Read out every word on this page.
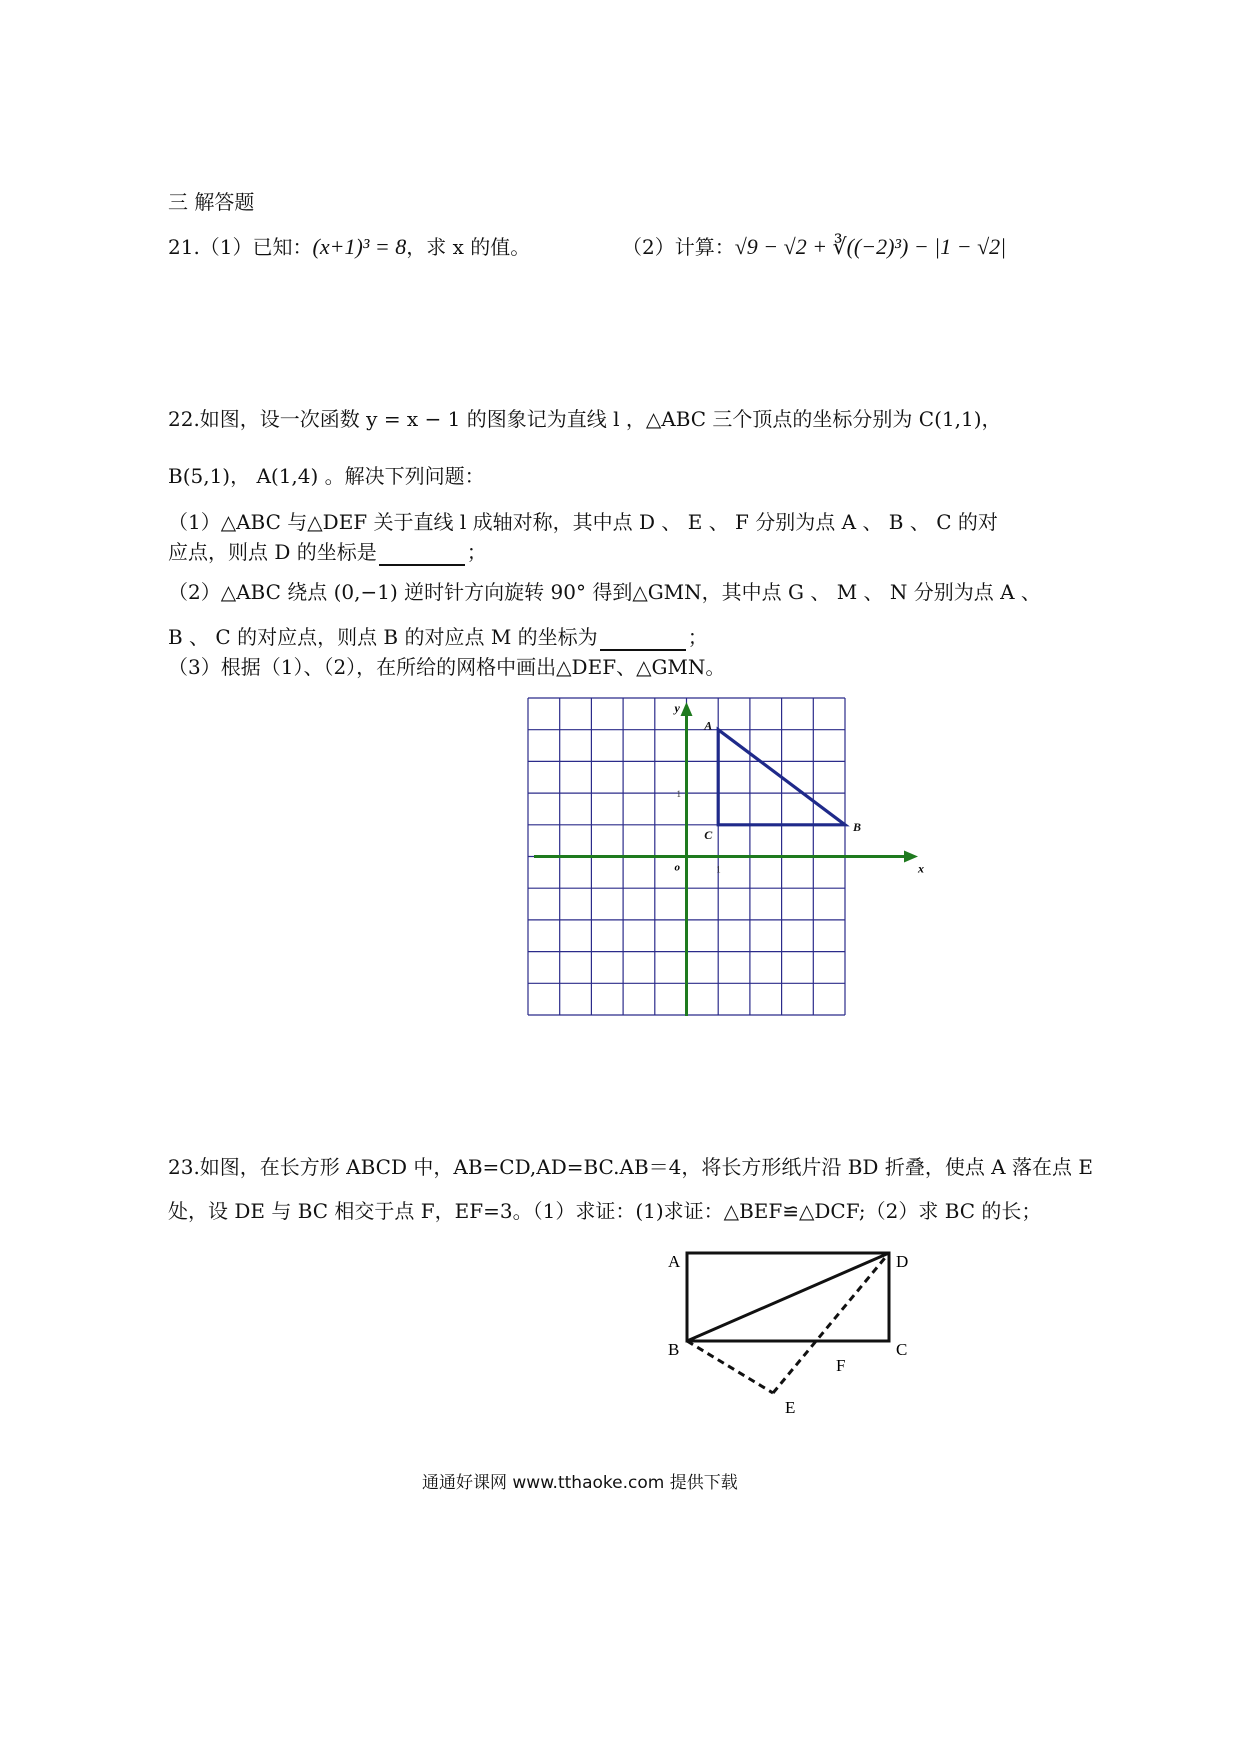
三 解答题
21.（1）已知：(x+1)³ = 8，求 x 的值。	（2）计算：√9 − √2 + ∛((−2)³) − |1 − √2|
22.如图，设一次函数 y = x − 1 的图象记为直线 l ，△ABC 三个顶点的坐标分别为 C(1,1)，
B(5,1)， A(1,4) 。解决下列问题：
（1）△ABC 与△DEF 关于直线 l 成轴对称，其中点 D 、 E 、 F 分别为点 A 、 B 、 C 的对
应点，则点 D 的坐标是	；
（2）△ABC 绕点 (0,−1) 逆时针方向旋转 90° 得到△GMN，其中点 G 、 M 、 N 分别为点 A 、
B 、 C 的对应点，则点 B 的对应点 M 的坐标为	；
（3）根据（1）、（2），在所给的网格中画出△DEF、△GMN。
A
B
C
x
y
o	1
1
23.如图，在长方形 ABCD 中，AB=CD,AD=BC.AB＝4，将长方形纸片沿 BD 折叠，使点 A 落在点 E
处，设 DE 与 BC 相交于点 F，EF=3。（1）求证：(1)求证：△BEF≌△DCF;（2）求 BC 的长；
A	D
B	C
F
E
通通好课网 www.tthaoke.com 提供下载
